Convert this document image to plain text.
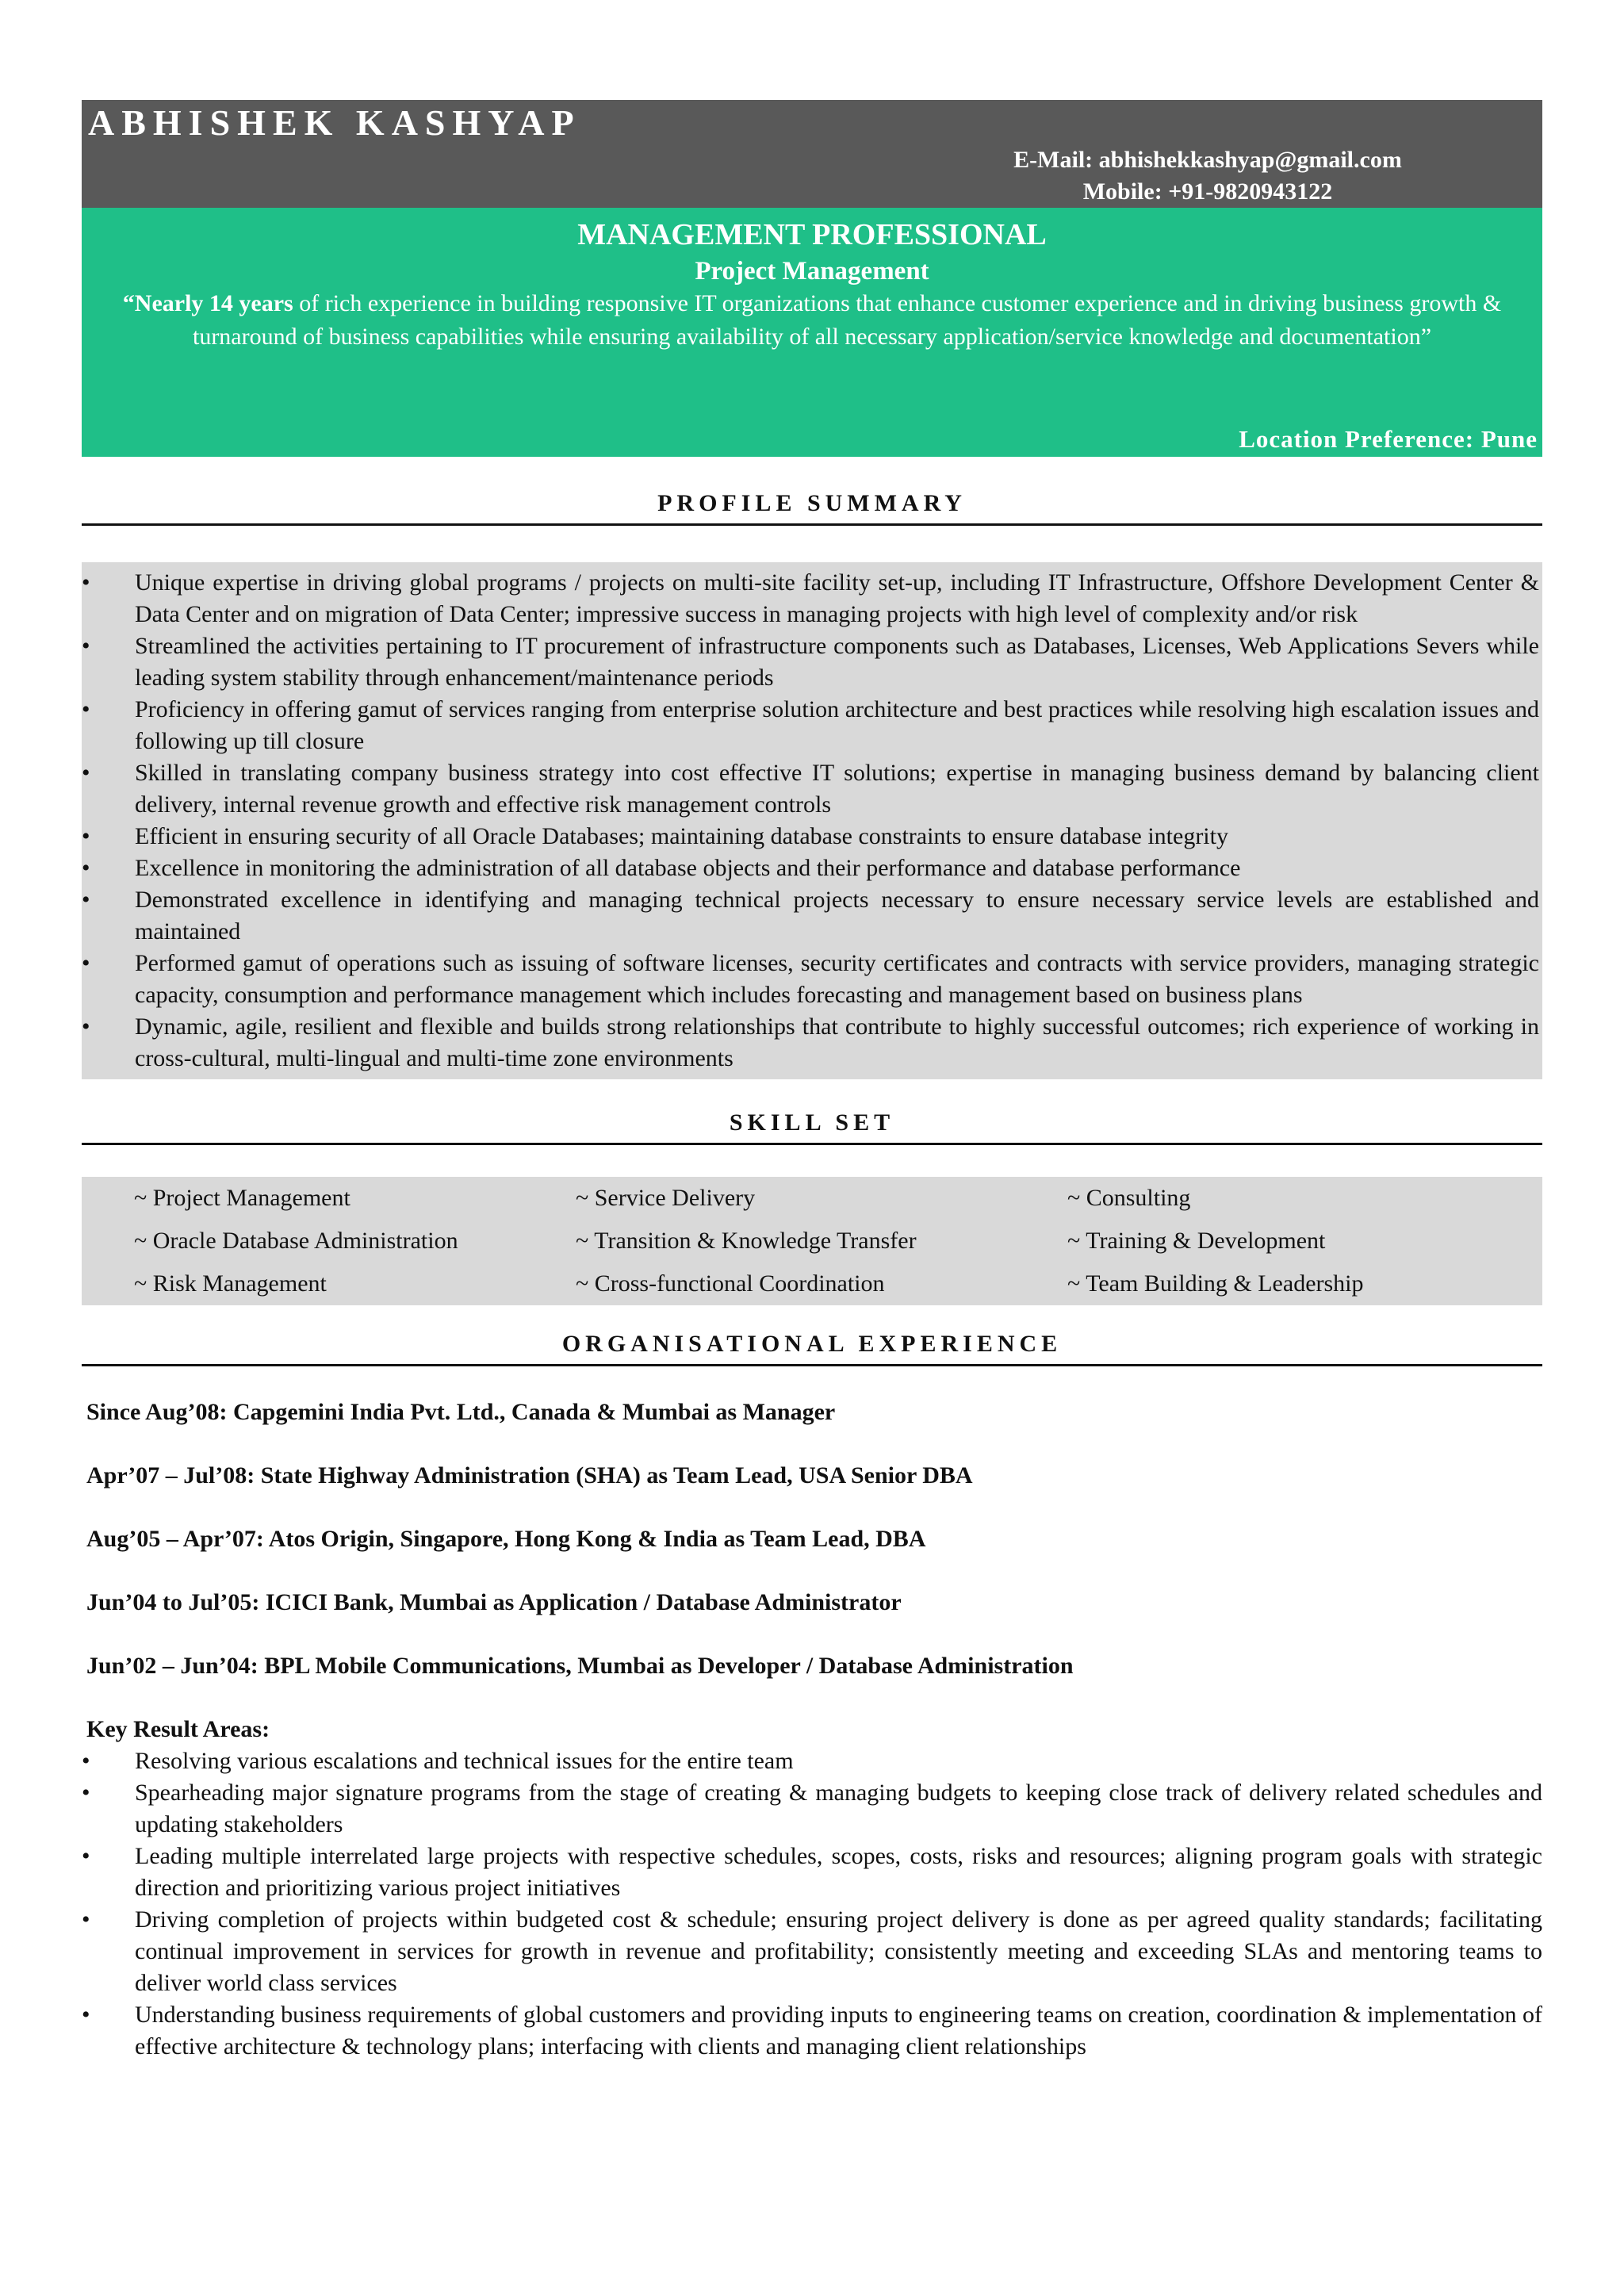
ABHISHEK KASHYAP
E-Mail: abhishekkashyap@gmail.com
Mobile: +91-9820943122
MANAGEMENT PROFESSIONAL
Project Management
“Nearly 14 years of rich experience in building responsive IT organizations that enhance customer experience and in driving business growth & turnaround of business capabilities while ensuring availability of all necessary application/service knowledge and documentation”
Location Preference: Pune
PROFILE SUMMARY
• Unique expertise in driving global programs / projects on multi-site facility set-up, including IT Infrastructure, Offshore Development Center & Data Center and on migration of Data Center; impressive success in managing projects with high level of complexity and/or risk
• Streamlined the activities pertaining to IT procurement of infrastructure components such as Databases, Licenses, Web Applications Severs while leading system stability through enhancement/maintenance periods
• Proficiency in offering gamut of services ranging from enterprise solution architecture and best practices while resolving high escalation issues and following up till closure
• Skilled in translating company business strategy into cost effective IT solutions; expertise in managing business demand by balancing client delivery, internal revenue growth and effective risk management controls
• Efficient in ensuring security of all Oracle Databases; maintaining database constraints to ensure database integrity
• Excellence in monitoring the administration of all database objects and their performance and database performance
• Demonstrated excellence in identifying and managing technical projects necessary to ensure necessary service levels are established and maintained
• Performed gamut of operations such as issuing of software licenses, security certificates and contracts with service providers, managing strategic capacity, consumption and performance management which includes forecasting and management based on business plans
• Dynamic, agile, resilient and flexible and builds strong relationships that contribute to highly successful outcomes; rich experience of working in cross-cultural, multi-lingual and multi-time zone environments
SKILL SET
~ Project Management	~ Service Delivery	~ Consulting
~ Oracle Database Administration	~ Transition & Knowledge Transfer	~ Training & Development
~ Risk Management	~ Cross-functional Coordination	~ Team Building & Leadership
ORGANISATIONAL EXPERIENCE
Since Aug’08: Capgemini India Pvt. Ltd., Canada & Mumbai as Manager
Apr’07 – Jul’08: State Highway Administration (SHA) as Team Lead, USA Senior DBA
Aug’05 – Apr’07: Atos Origin, Singapore, Hong Kong & India as Team Lead, DBA
Jun’04 to Jul’05: ICICI Bank, Mumbai as Application / Database Administrator
Jun’02 – Jun’04: BPL Mobile Communications, Mumbai as Developer / Database Administration
Key Result Areas:
• Resolving various escalations and technical issues for the entire team
• Spearheading major signature programs from the stage of creating & managing budgets to keeping close track of delivery related schedules and updating stakeholders
• Leading multiple interrelated large projects with respective schedules, scopes, costs, risks and resources; aligning program goals with strategic direction and prioritizing various project initiatives
• Driving completion of projects within budgeted cost & schedule; ensuring project delivery is done as per agreed quality standards; facilitating continual improvement in services for growth in revenue and profitability; consistently meeting and exceeding SLAs and mentoring teams to deliver world class services
• Understanding business requirements of global customers and providing inputs to engineering teams on creation, coordination & implementation of effective architecture & technology plans; interfacing with clients and managing client relationships
